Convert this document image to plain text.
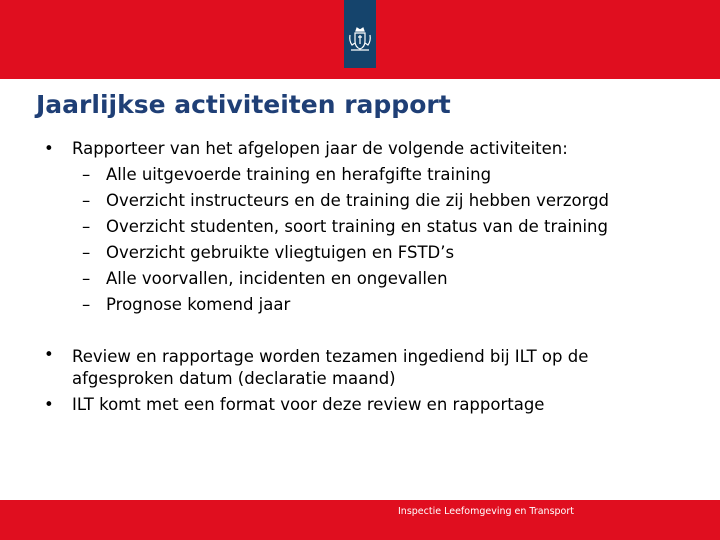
Jaarlijkse activiteiten rapport
•	Rapporteer van het afgelopen jaar de volgende activiteiten:
– Alle uitgevoerde training en herafgifte training
– Overzicht instructeurs en de training die zij hebben verzorgd
– Overzicht studenten, soort training en status van de training
– Overzicht gebruikte vliegtuigen en FSTD’s
– Alle voorvallen, incidenten en ongevallen
– Prognose komend jaar
•	Review en rapportage worden tezamen ingediend bij ILT op de afgesproken datum (declaratie maand)
•	ILT komt met een format voor deze review en rapportage
Inspectie Leefomgeving en Transport
